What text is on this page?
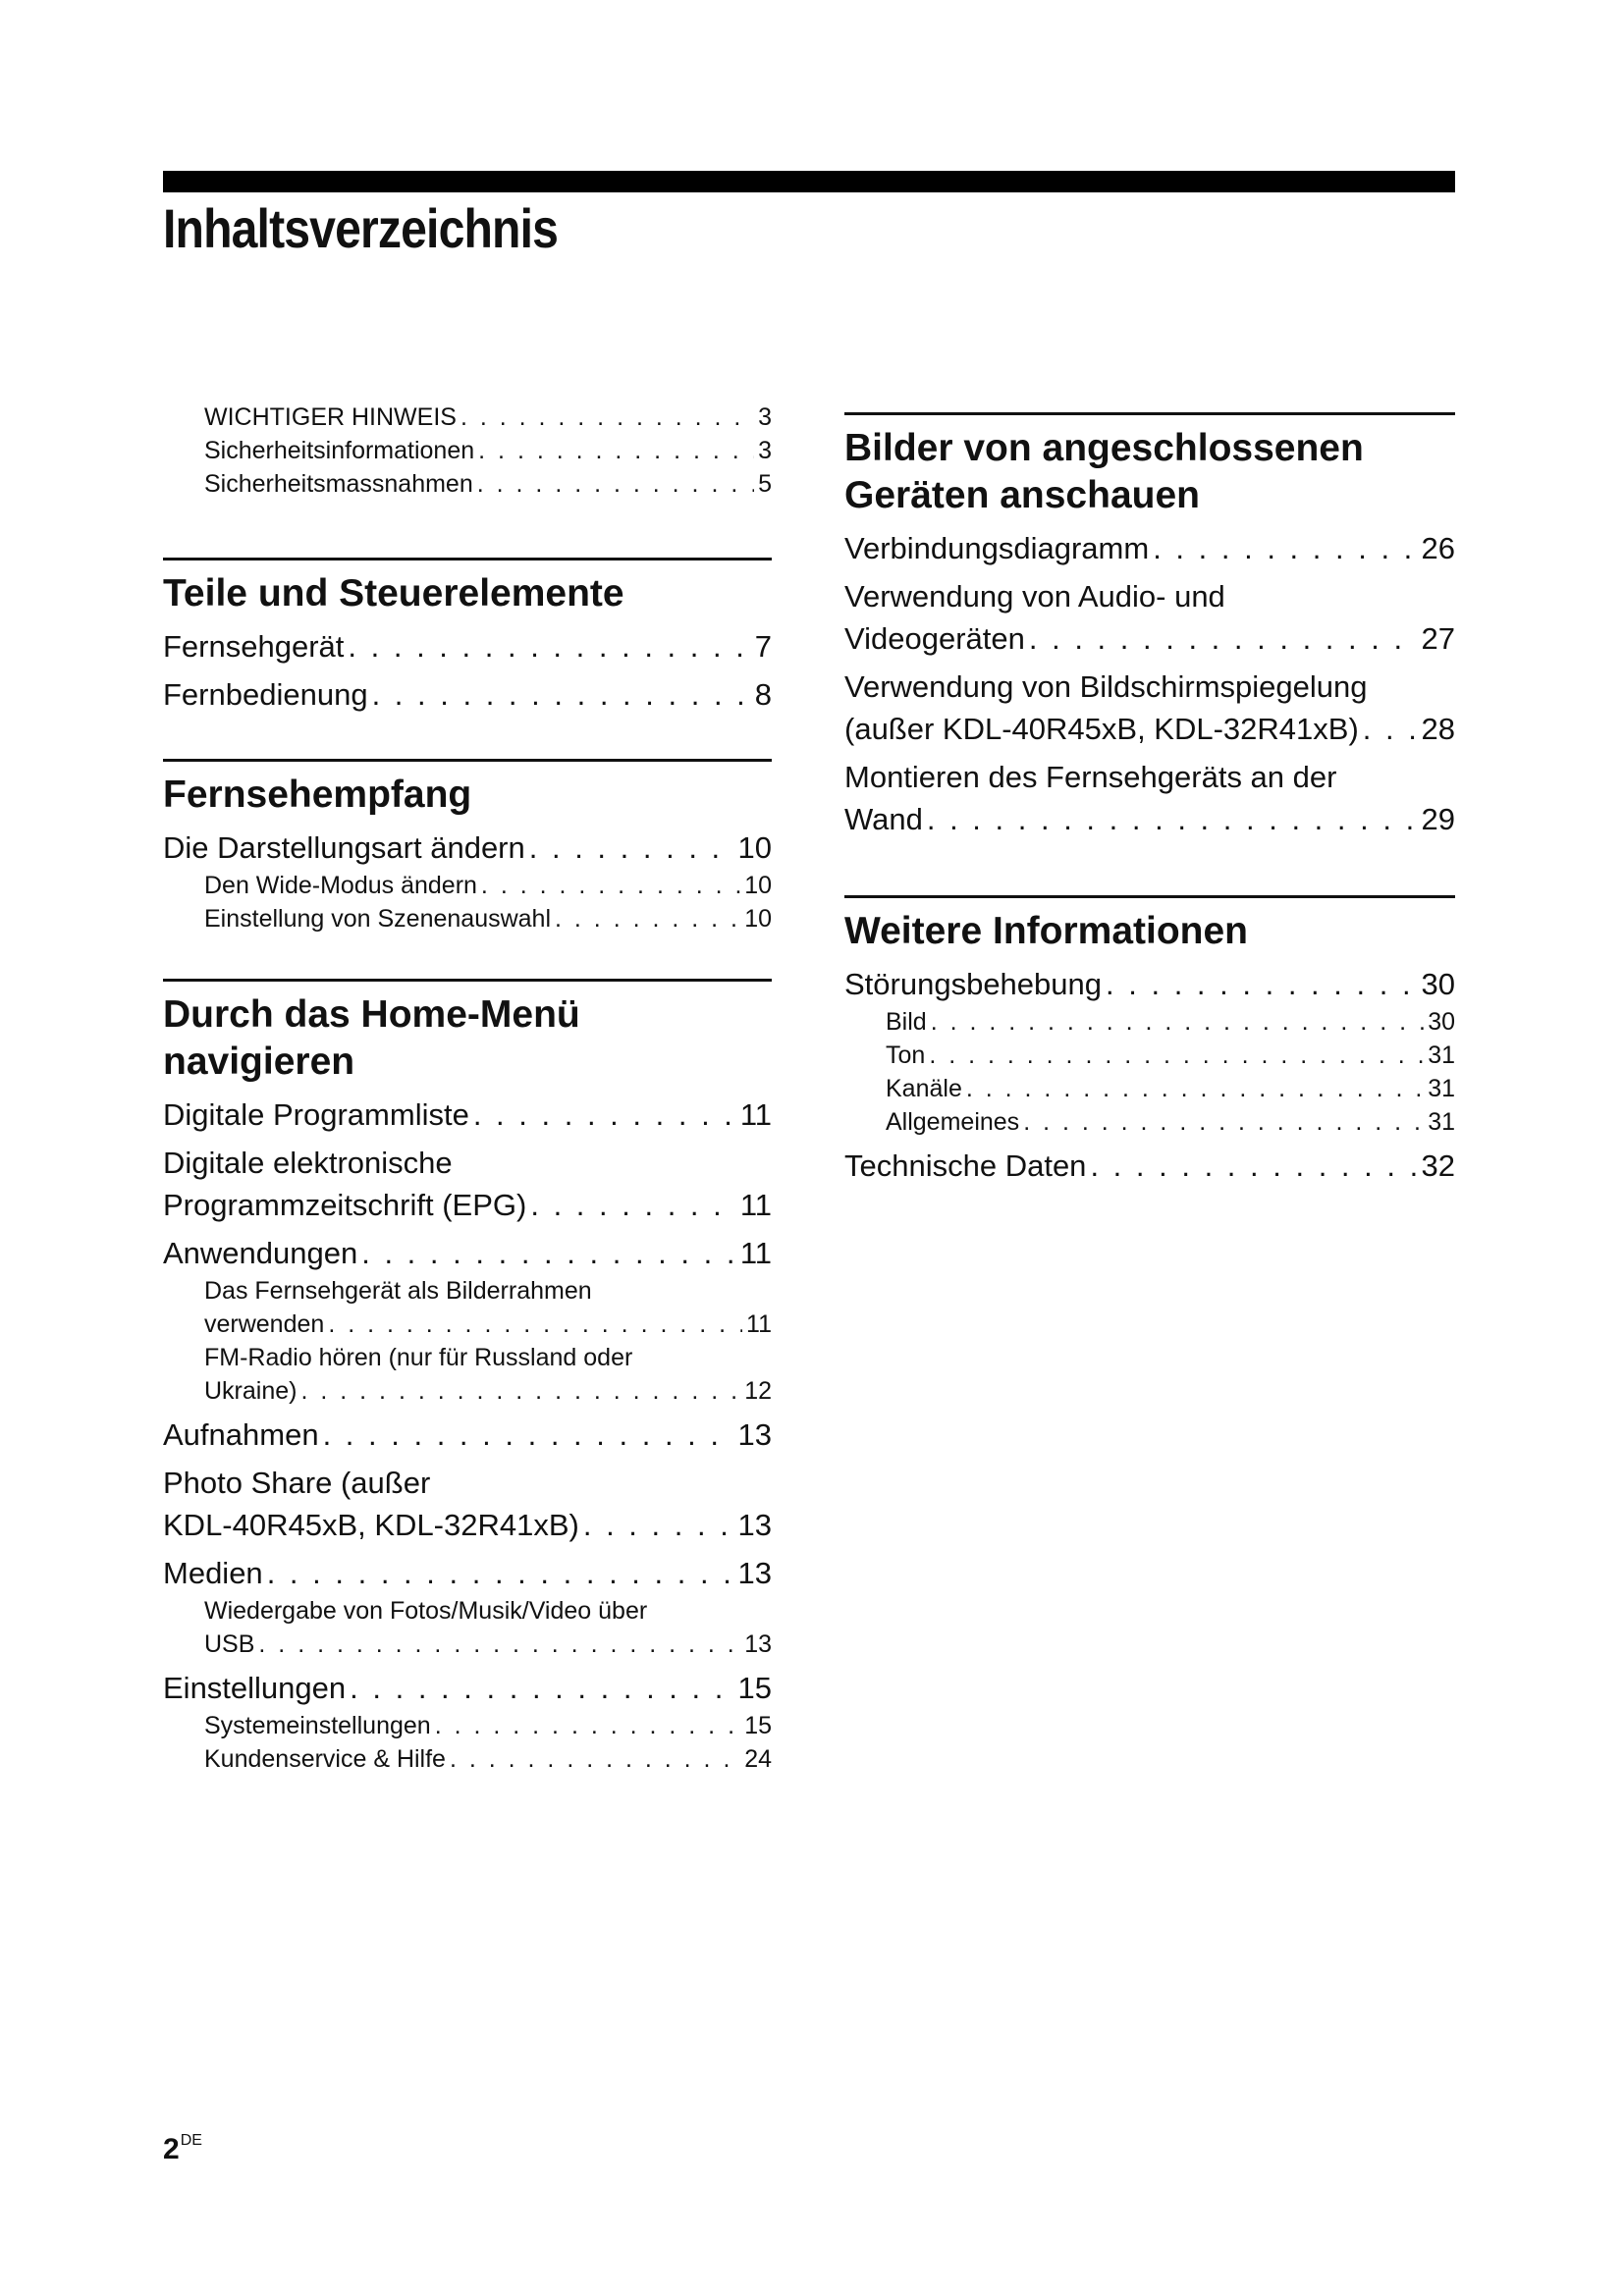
Inhaltsverzeichnis
WICHTIGER HINWEIS . . .	3
Sicherheitsinformationen . . .	3
Sicherheitsmassnahmen . . .	5
Teile und Steuerelemente
Fernsehgerät . . .	7
Fernbedienung . . .	8
Fernsehempfang
Die Darstellungsart ändern . . .	10
Den Wide-Modus ändern . . .	10
Einstellung von Szenenauswahl . . .	10
Durch das Home-Menü
navigieren
Digitale Programmliste . . .	11
Digitale elektronische
Programmzeitschrift (EPG) . . .	11
Anwendungen . . .	11
Das Fernsehgerät als Bilderrahmen
verwenden . . .	11
FM-Radio hören (nur für Russland oder
Ukraine) . . .	12
Aufnahmen . . .	13
Photo Share (außer
KDL-40R45xB, KDL-32R41xB) . . .	13
Medien . . .	13
Wiedergabe von Fotos/Musik/Video über
USB . . .	13
Einstellungen . . .	15
Systemeinstellungen . . .	15
Kundenservice & Hilfe . . .	24
Bilder von angeschlossenen
Geräten anschauen
Verbindungsdiagramm . . .	26
Verwendung von Audio- und
Videogeräten . . .	27
Verwendung von Bildschirmspiegelung
(außer KDL-40R45xB, KDL-32R41xB) . . . 28
Montieren des Fernsehgeräts an der
Wand . . .	29
Weitere Informationen
Störungsbehebung . . .	30
Bild . . .	30
Ton . . .	31
Kanäle . . .	31
Allgemeines . . .	31
Technische Daten . . .	32
2DE
